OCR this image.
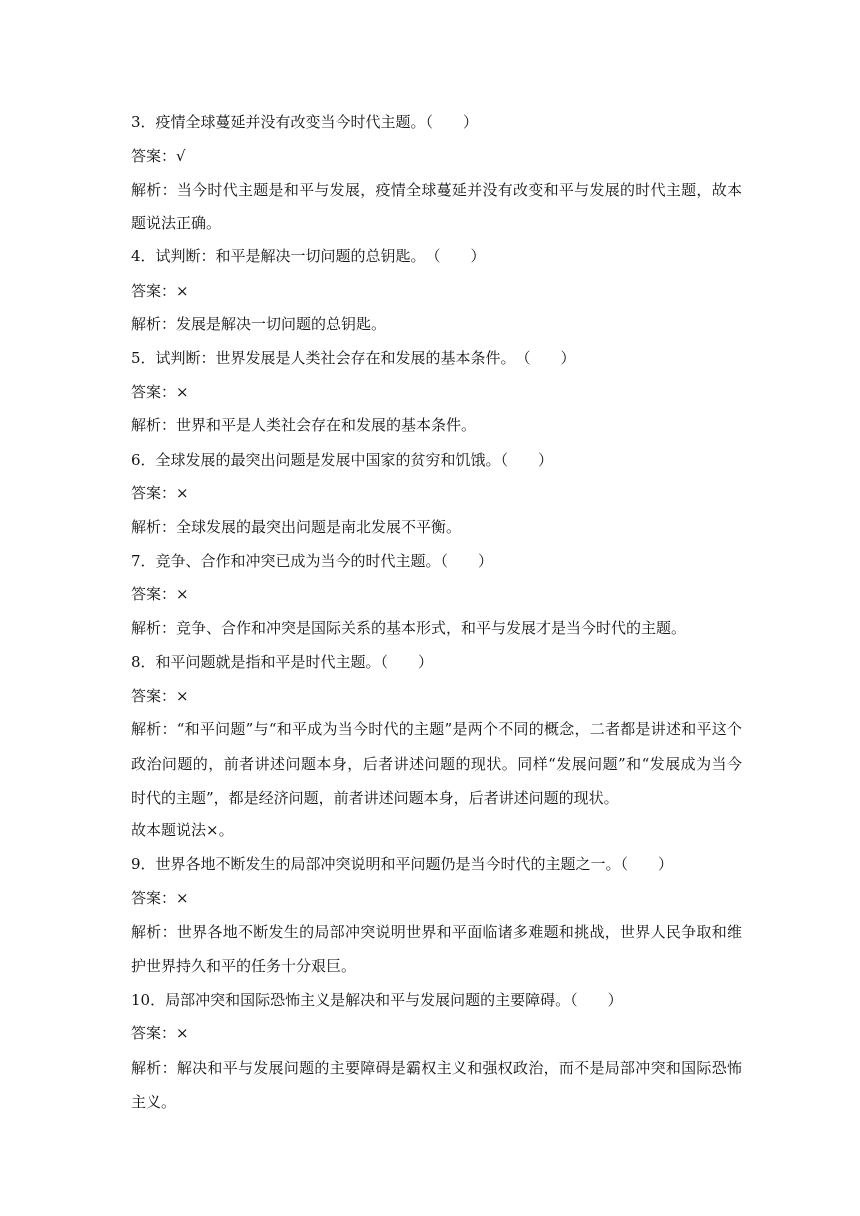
3．疫情全球蔓延并没有改变当今时代主题。（　　）
答案：√
解析：当今时代主题是和平与发展，疫情全球蔓延并没有改变和平与发展的时代主题，故本
题说法正确。
4．试判断：和平是解决一切问题的总钥匙。　（　　）
答案：×
解析：发展是解决一切问题的总钥匙。
5．试判断：世界发展是人类社会存在和发展的基本条件。　（　　）
答案：×
解析：世界和平是人类社会存在和发展的基本条件。
6．全球发展的最突出问题是发展中国家的贫穷和饥饿。（　　）
答案：×
解析：全球发展的最突出问题是南北发展不平衡。
7．竞争、合作和冲突已成为当今的时代主题。（　　）
答案：×
解析：竞争、合作和冲突是国际关系的基本形式，和平与发展才是当今时代的主题。
8．和平问题就是指和平是时代主题。（　　）
答案：×
解析：“和平问题”与“和平成为当今时代的主题”是两个不同的概念，二者都是讲述和平这个
政治问题的，前者讲述问题本身，后者讲述问题的现状。同样“发展问题”和“发展成为当今
时代的主题”，都是经济问题，前者讲述问题本身，后者讲述问题的现状。
故本题说法×。
9．世界各地不断发生的局部冲突说明和平问题仍是当今时代的主题之一。（　　）
答案：×
解析：世界各地不断发生的局部冲突说明世界和平面临诸多难题和挑战，世界人民争取和维
护世界持久和平的任务十分艰巨。
10．局部冲突和国际恐怖主义是解决和平与发展问题的主要障碍。（　　）
答案：×
解析：解决和平与发展问题的主要障碍是霸权主义和强权政治，而不是局部冲突和国际恐怖
主义。
